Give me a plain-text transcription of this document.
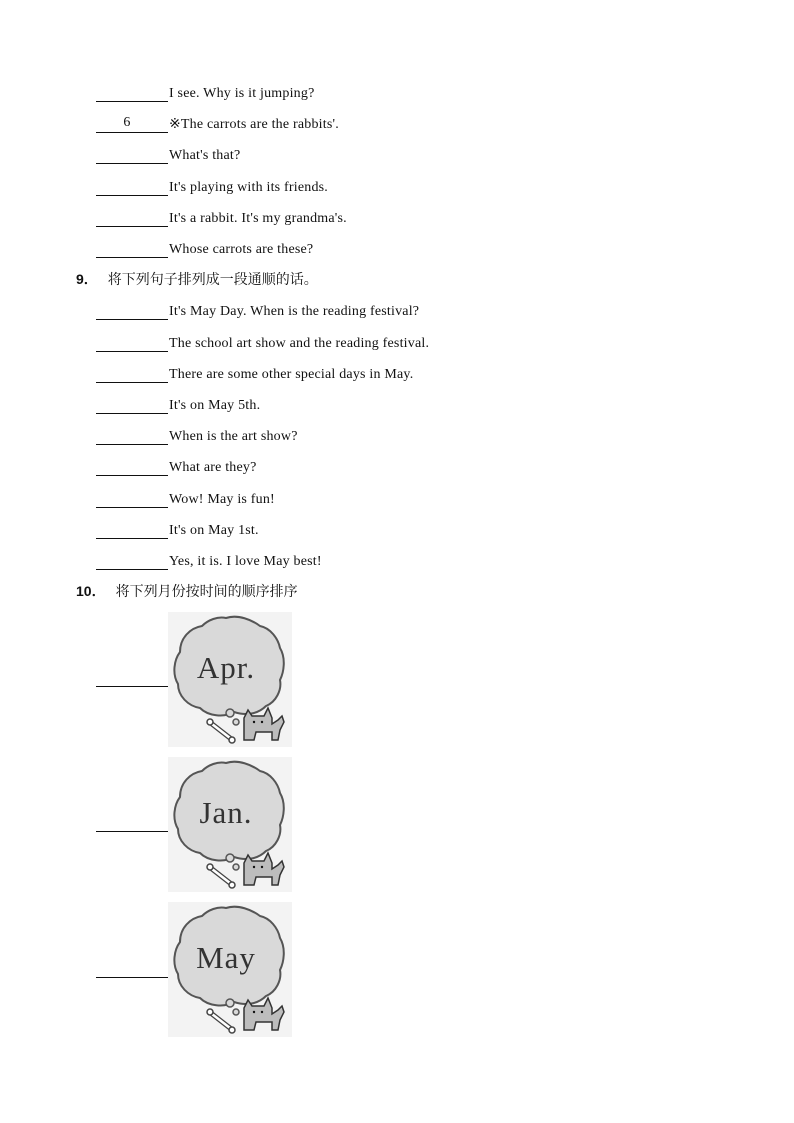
I see. Why is it jumping?
6	※The carrots are the rabbits'.
What's that?
It's playing with its friends.
It's a rabbit. It's my grandma's.
Whose carrots are these?
9． 将下列句子排列成一段通顺的话。
It's May Day. When is the reading festival?
The school art show and the reading festival.
There are some other special days in May.
It's on May 5th.
When is the art show?
What are they?
Wow! May is fun!
It's on May 1st.
Yes, it is. I love May best!
10． 将下列月份按时间的顺序排序
Apr.
Jan.
May
